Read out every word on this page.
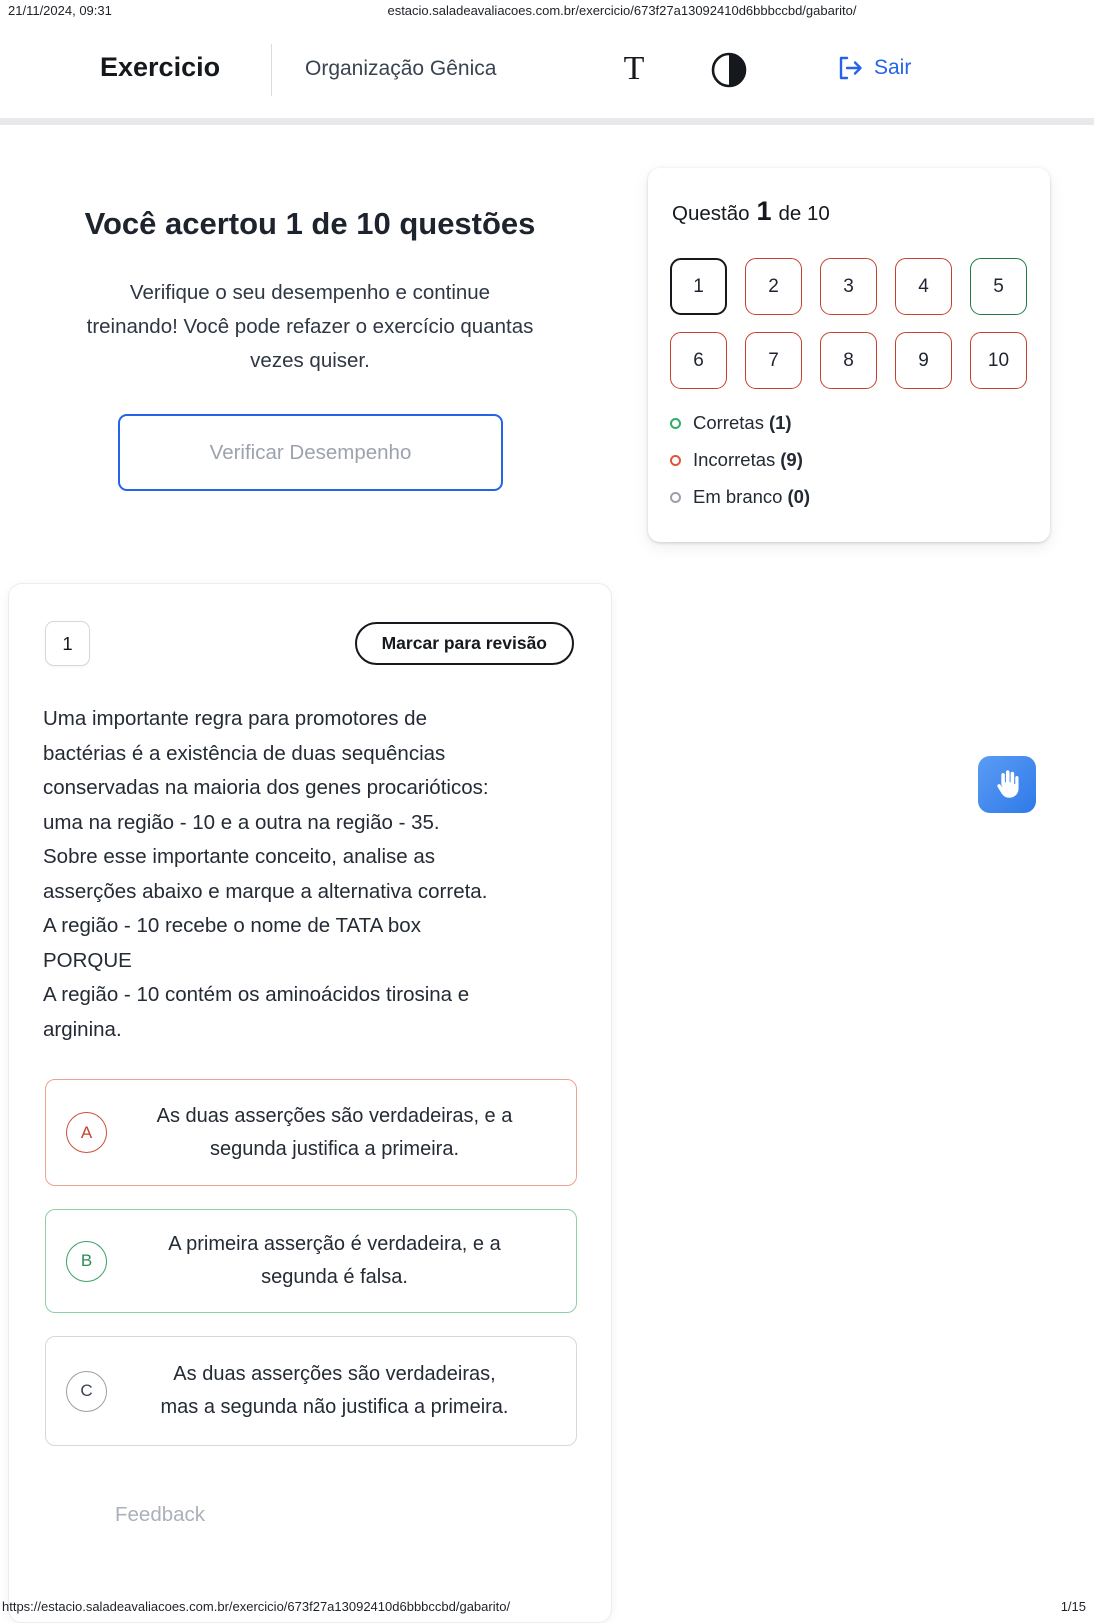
21/11/2024, 09:31	estacio.saladeavaliacoes.com.br/exercicio/673f27a13092410d6bbbccbd/gabarito/
Exercicio	Organização Gênica	T	Sair
Você acertou 1 de 10 questões
Verifique o seu desempenho e continue
treinando! Você pode refazer o exercício quantas
vezes quiser.
Verificar Desempenho
Questão 1 de 10
1	2	3	4	5
6	7	8	9	10
Corretas (1)
Incorretas (9)
Em branco (0)
1	Marcar para revisão
Uma importante regra para promotores de
bactérias é a existência de duas sequências
conservadas na maioria dos genes procarióticos:
uma na região - 10 e a outra na região - 35.
Sobre esse importante conceito, analise as
asserções abaixo e marque a alternativa correta.
A região - 10 recebe o nome de TATA box
PORQUE
A região - 10 contém os aminoácidos tirosina e
arginina.
A
As duas asserções são verdadeiras, e a
segunda justifica a primeira.
B
A primeira asserção é verdadeira, e a
segunda é falsa.
C
As duas asserções são verdadeiras,
mas a segunda não justifica a primeira.
Feedback
https://estacio.saladeavaliacoes.com.br/exercicio/673f27a13092410d6bbbccbd/gabarito/	1/15
